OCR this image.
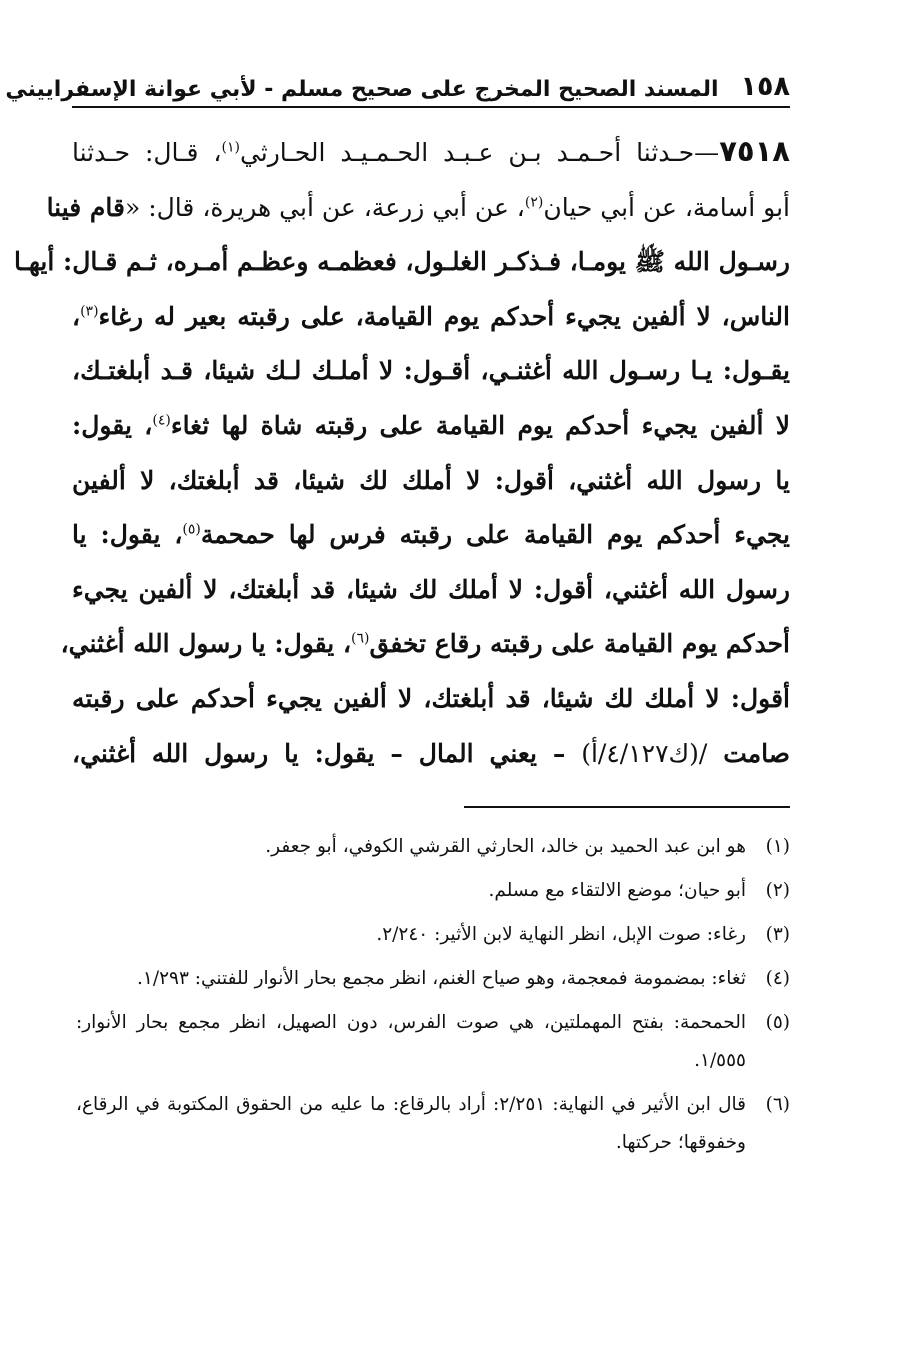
١٥٨
المسند الصحيح المخرج على صحيح مسلم - لأبي عوانة الإسفراييني
٧٥١٨—حـدثنا أحـمـد بـن عـبـد الحـمـيـد الحـارثي$^{(١)}$، قـال: حـدثنا
أبو أسامة، عن أبي حيان$^{(٢)}$، عن أبي زرعة، عن أبي هريرة، قال: «قام فينا
رسـول الله ﷺ يومـا، فـذكـر الغلـول، فعظمـه وعظـم أمـره، ثـم قـال: أيهـا
الناس، لا ألفين يجيء أحدكم يوم القيامة، على رقبته بعير له رغاء$^{(٣)}$،
يقـول: يـا رسـول الله أغثنـي، أقـول: لا أملـك لـك شيئا، قـد أبلغتـك،
لا ألفين يجيء أحدكم يوم القيامة على رقبته شاة لها ثغاء$^{(٤)}$، يقول:
يا رسول الله أغثني، أقول: لا أملك لك شيئا، قد أبلغتك، لا ألفين
يجيء أحدكم يوم القيامة على رقبته فرس لها حمحمة$^{(٥)}$، يقول: يا
رسول الله أغثني، أقول: لا أملك لك شيئا، قد أبلغتك، لا ألفين يجيء
أحدكم يوم القيامة على رقبته رقاع تخفق$^{(٦)}$، يقول: يا رسول الله أغثني،
أقول: لا أملك لك شيئا، قد أبلغتك، لا ألفين يجيء أحدكم على رقبته
صامت /(ك٤/١٢٧/أ) – يعني المال – يقول: يا رسول الله أغثني،
(١)
هو ابن عبد الحميد بن خالد، الحارثي القرشي الكوفي، أبو جعفر.
(٢)
أبو حيان؛ موضع الالتقاء مع مسلم.
(٣)
رغاء: صوت الإبل، انظر النهاية لابن الأثير: ٢/٢٤٠.
(٤)
ثغاء: بمضمومة فمعجمة، وهو صياح الغنم، انظر مجمع بحار الأنوار للفتني: ١/٢٩٣.
(٥)
الحمحمة: بفتح المهملتين، هي صوت الفرس، دون الصهيل، انظر مجمع بحار الأنوار: ١/٥٥٥.
(٦)
قال ابن الأثير في النهاية: ٢/٢٥١: أراد بالرقاع: ما عليه من الحقوق المكتوبة في الرقاع، وخفوقها؛ حركتها.
